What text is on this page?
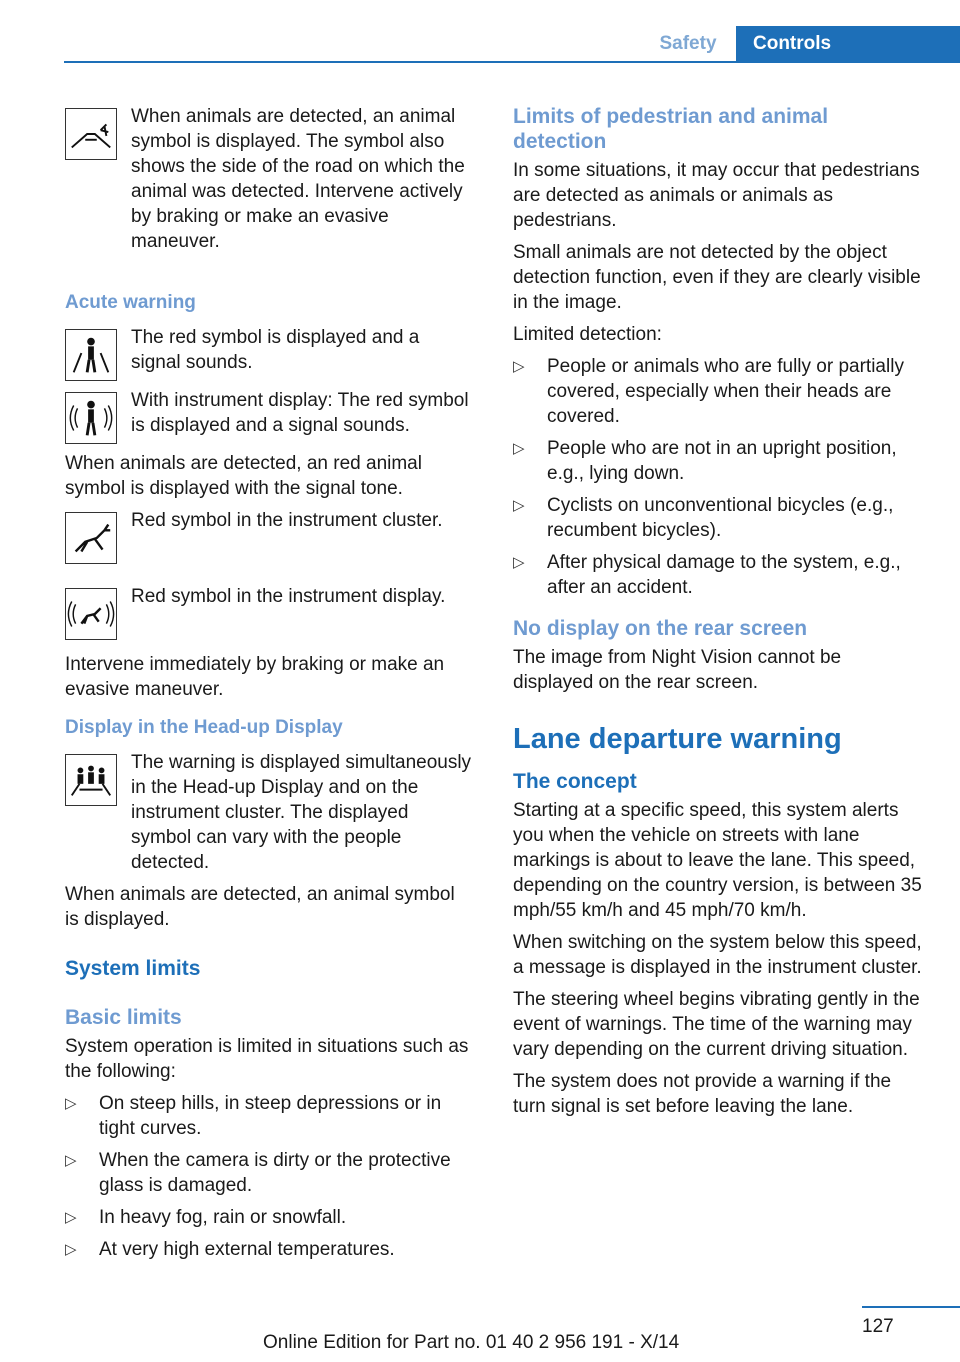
Safety	Controls

When animals are detected, an animal symbol is displayed. The symbol also shows the side of the road on which the animal was detected. Intervene actively by braking or make an evasive maneuver.

Acute warning

The red symbol is displayed and a signal sounds.

With instrument display: The red symbol is displayed and a signal sounds.

When animals are detected, an red animal symbol is displayed with the signal tone.

Red symbol in the instrument cluster.

Red symbol in the instrument display.

Intervene immediately by braking or make an evasive maneuver.

Display in the Head-up Display

The warning is displayed simultaneously in the Head-up Display and on the instrument cluster. The displayed symbol can vary with the people detected.

When animals are detected, an animal symbol is displayed.

System limits
Basic limits

System operation is limited in situations such as the following:

▷ On steep hills, in steep depressions or in tight curves.
▷ When the camera is dirty or the protective glass is damaged.
▷ In heavy fog, rain or snowfall.
▷ At very high external temperatures.
Limits of pedestrian and animal detection

In some situations, it may occur that pedestrians are detected as animals or animals as pedestrians.

Small animals are not detected by the object detection function, even if they are clearly visible in the image.

Limited detection:

▷ People or animals who are fully or partially covered, especially when their heads are covered.
▷ People who are not in an upright position, e.g., lying down.
▷ Cyclists on unconventional bicycles (e.g., recumbent bicycles).
▷ After physical damage to the system, e.g., after an accident.
No display on the rear screen

The image from Night Vision cannot be displayed on the rear screen.

Lane departure warning
The concept

Starting at a specific speed, this system alerts you when the vehicle on streets with lane markings is about to leave the lane. This speed, depending on the country version, is between 35 mph/55 km/h and 45 mph/70 km/h.

When switching on the system below this speed, a message is displayed in the instrument cluster.

The steering wheel begins vibrating gently in the event of warnings. The time of the warning may vary depending on the current driving situation.

The system does not provide a warning if the turn signal is set before leaving the lane.

127
Online Edition for Part no. 01 40 2 956 191 - X/14
